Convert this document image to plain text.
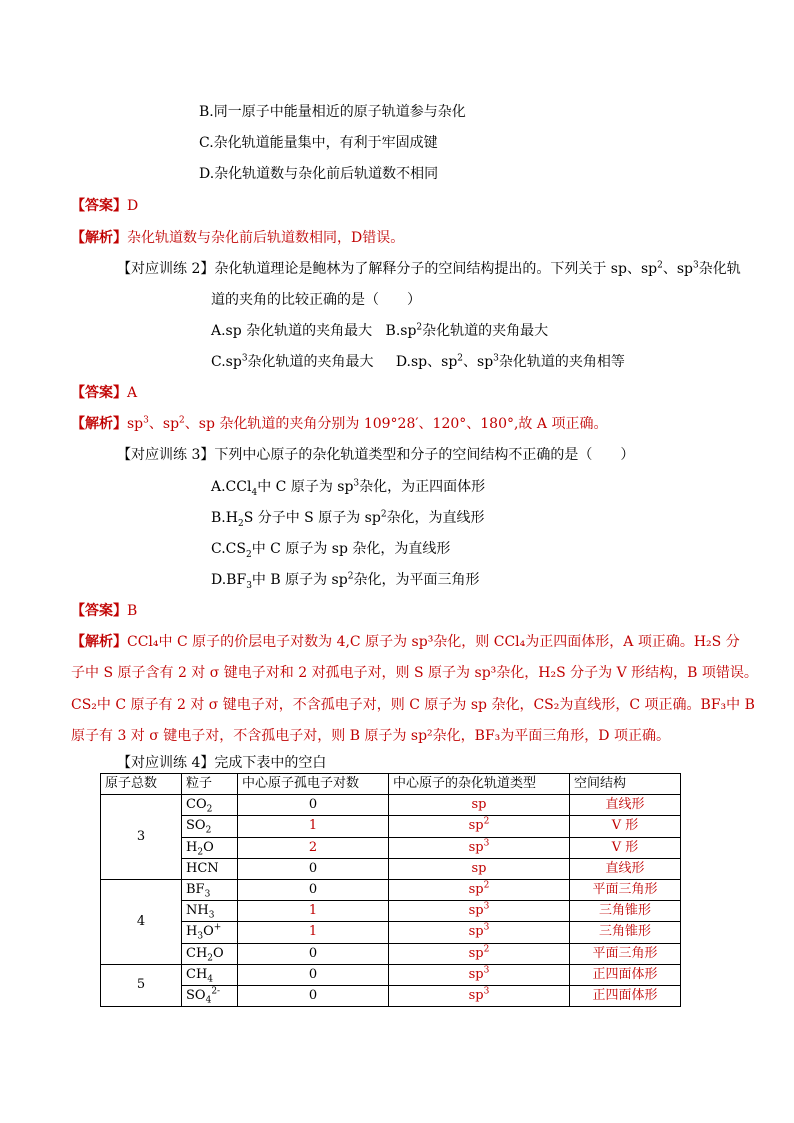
B.同一原子中能量相近的原子轨道参与杂化
C.杂化轨道能量集中，有利于牢固成键
D.杂化轨道数与杂化前后轨道数不相同
【答案】D
【解析】杂化轨道数与杂化前后轨道数相同，D错误。
【对应训练 2】杂化轨道理论是鲍林为了解释分子的空间结构提出的。下列关于 sp、$sp^2$、$sp^3$杂化轨
道的夹角的比较正确的是（　　）
A.sp 杂化轨道的夹角最大 $B.sp^2$杂化轨道的夹角最大
$C.sp^3$杂化轨道的夹角最大 D.sp、$sp^2$、$sp^3$杂化轨道的夹角相等
【答案】A
【解析】$sp^3$、$sp^2$、sp 杂化轨道的夹角分别为 109°28′、120°、180°,故 A 项正确。
【对应训练 3】下列中心原子的杂化轨道类型和分子的空间结构不正确的是（　　）
A.CCl$_4$中 C 原子为 $sp^3$杂化，为正四面体形
$B.H_2S$ 分子中 S 原子为 $sp^2$杂化，为直线形
$C.CS_2$中 C 原子为 sp 杂化，为直线形
$D.BF_3$中 B 原子为 $sp^2$杂化，为平面三角形
【答案】B
【解析】CCl₄中 C 原子的价层电子对数为 4,C 原子为 sp³杂化，则 CCl₄为正四面体形，A 项正确。H₂S 分
子中 S 原子含有 2 对 σ 键电子对和 2 对孤电子对，则 S 原子为 sp³杂化，H₂S 分子为 V 形结构，B 项错误。
CS₂中 C 原子有 2 对 σ 键电子对，不含孤电子对，则 C 原子为 sp 杂化，CS₂为直线形，C 项正确。BF₃中 B
原子有 3 对 σ 键电子对，不含孤电子对，则 B 原子为 sp²杂化，BF₃为平面三角形，D 项正确。
【对应训练 4】完成下表中的空白
原子总数	粒子	中心原子孤电子对数	中心原子的杂化轨道类型	空间结构
3	$CO_2$	0	sp	直线形
	$SO_2$	1	$sp^2$	V 形
	$H_2O$	2	$sp^3$	V 形
	HCN	0	sp	直线形
4	$BF_3$	0	$sp^2$	平面三角形
	$NH_3$	1	$sp^3$	三角锥形
	$H_3O^+$	1	$sp^3$	三角锥形
	$CH_2O$	0	$sp^2$	平面三角形
5	$CH_4$	0	$sp^3$	正四面体形
	$SO_4^{2-}$	0	$sp^3$	正四面体形
